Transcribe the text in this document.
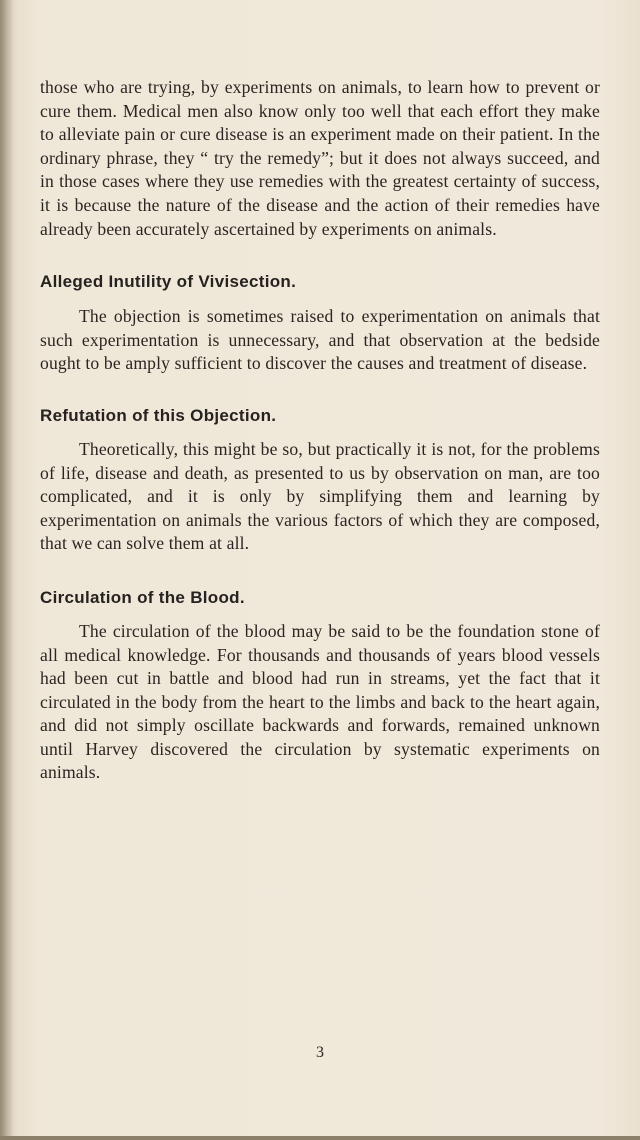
those who are trying, by experiments on animals, to learn how to prevent or cure them. Medical men also know only too well that each effort they make to alleviate pain or cure disease is an experiment made on their patient. In the ordinary phrase, they “ try the remedy”; but it does not always succeed, and in those cases where they use remedies with the greatest certainty of success, it is because the nature of the disease and the action of their remedies have already been accurately ascertained by experiments on animals.

Alleged Inutility of Vivisection.

The objection is sometimes raised to experimentation on animals that such experimentation is unnecessary, and that observation at the bedside ought to be amply sufficient to discover the causes and treatment of disease.

Refutation of this Objection.

Theoretically, this might be so, but practically it is not, for the problems of life, disease and death, as presented to us by observation on man, are too complicated, and it is only by simplifying them and learning by experimentation on animals the various factors of which they are composed, that we can solve them at all.

Circulation of the Blood.

The circulation of the blood may be said to be the foundation stone of all medical knowledge. For thousands and thousands of years blood vessels had been cut in battle and blood had run in streams, yet the fact that it circulated in the body from the heart to the limbs and back to the heart again, and did not simply oscillate backwards and forwards, remained unknown until Harvey discovered the circulation by systematic experiments on animals.

3
